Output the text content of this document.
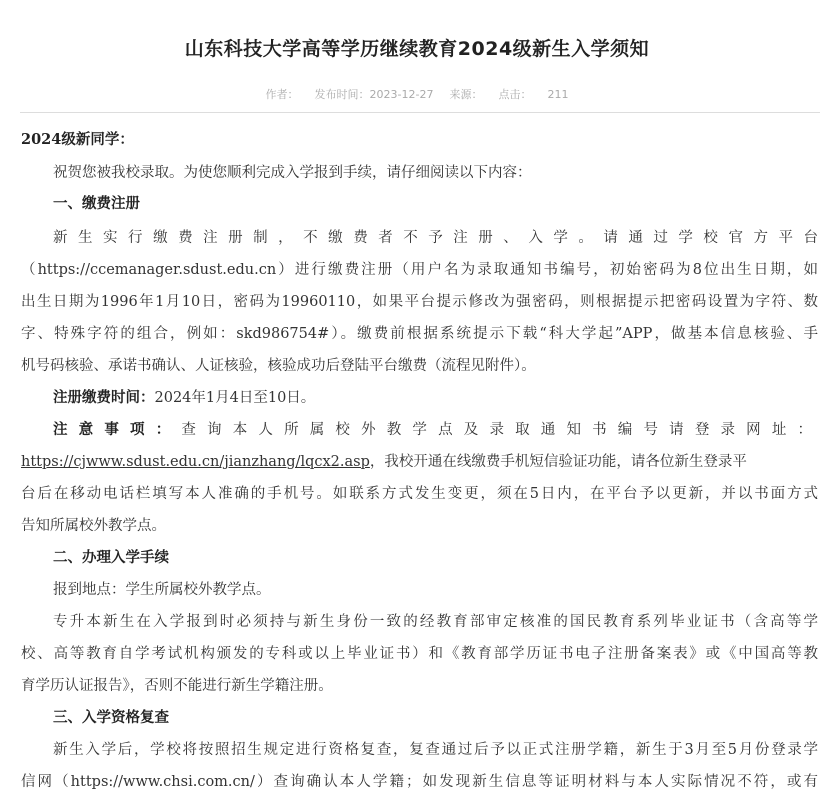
山东科技大学高等学历继续教育2024级新生入学须知
作者： 发布时间：2023-12-27 来源： 点击： 211
2024级新同学：
祝贺您被我校录取。为使您顺利完成入学报到手续，请仔细阅读以下内容：
一、缴费注册
新生实行缴费注册制，不缴费者不予注册、入学。请通过学校官方平台
（https://ccemanager.sdust.edu.cn）进行缴费注册（用户名为录取通知书编号，初始密码为8位出生日期，如
出生日期为1996年1月10日，密码为19960110，如果平台提示修改为强密码，则根据提示把密码设置为字符、数
字、特殊字符的组合，例如：skd986754#）。缴费前根据系统提示下载“科大学起”APP，做基本信息核验、手
机号码核验、承诺书确认、人证核验，核验成功后登陆平台缴费（流程见附件）。
注册缴费时间：2024年1月4日至10日。
注意事项：查询本人所属校外教学点及录取通知书编号请登录网址：
https://cjwww.sdust.edu.cn/jianzhang/lqcx2.asp，我校开通在线缴费手机短信验证功能，请各位新生登录平
台后在移动电话栏填写本人准确的手机号。如联系方式发生变更，须在5日内，在平台予以更新，并以书面方式
告知所属校外教学点。
二、办理入学手续
报到地点：学生所属校外教学点。
专升本新生在入学报到时必须持与新生身份一致的经教育部审定核准的国民教育系列毕业证书（含高等学
校、高等教育自学考试机构颁发的专科或以上毕业证书）和《教育部学历证书电子注册备案表》或《中国高等教
育学历认证报告》，否则不能进行新生学籍注册。
三、入学资格复查
新生入学后，学校将按照招生规定进行资格复查，复查通过后予以正式注册学籍，新生于3月至5月份登录学
信网（https://www.chsi.com.cn/）查询确认本人学籍；如发现新生信息等证明材料与本人实际情况不符，或有
